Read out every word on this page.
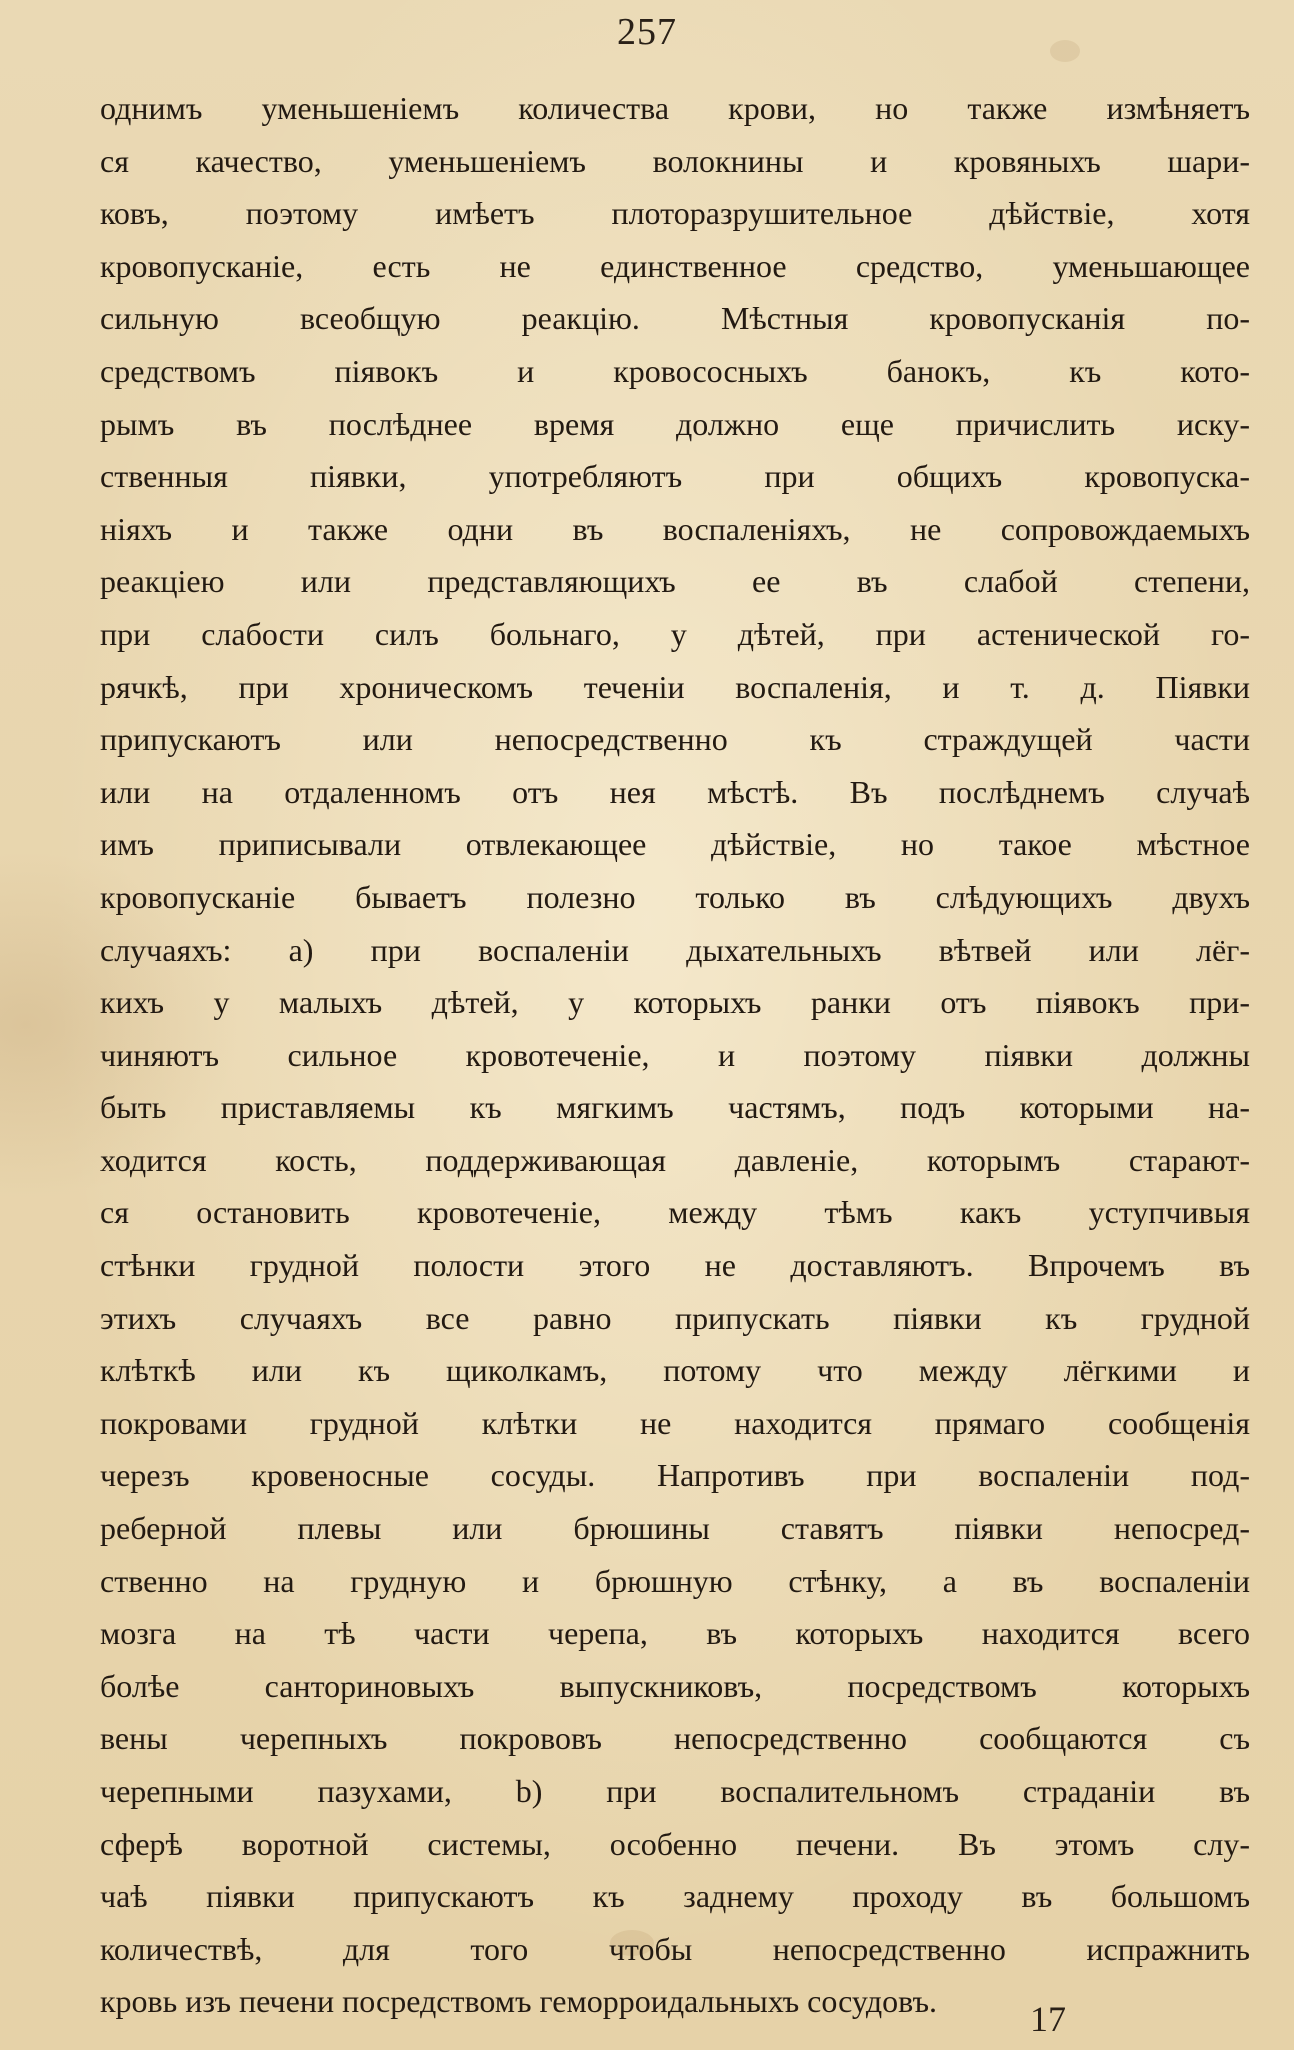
257
однимъ уменьшеніемъ количества крови, но также измѣняетъ
ся качество, уменьшеніемъ волокнины и кровяныхъ шари-
ковъ, поэтому имѣетъ плоторазрушительное дѣйствіе, хотя
кровопусканіе, есть не единственное средство, уменьшающее
сильную всеобщую реакцію. Мѣстныя кровопусканія по-
средствомъ піявокъ и кровососныхъ банокъ, къ кото-
рымъ въ послѣднее время должно еще причислить иску-
ственныя піявки, употребляютъ при общихъ кровопуска-
ніяхъ и также одни въ воспаленіяхъ, не сопровождаемыхъ
реакціею или представляющихъ ее въ слабой степени,
при слабости силъ больнаго, у дѣтей, при астенической го-
рячкѣ, при хроническомъ теченіи воспаленія, и т. д. Піявки
припускаютъ или непосредственно къ страждущей части
или на отдаленномъ отъ нея мѣстѣ. Въ послѣднемъ случаѣ
имъ приписывали отвлекающее дѣйствіе, но такое мѣстное
кровопусканіе бываетъ полезно только въ слѣдующихъ двухъ
случаяхъ: а) при воспаленіи дыхательныхъ вѣтвей или лёг-
кихъ у малыхъ дѣтей, у которыхъ ранки отъ піявокъ при-
чиняютъ сильное кровотеченіе, и поэтому піявки должны
быть приставляемы къ мягкимъ частямъ, подъ которыми на-
ходится кость, поддерживающая давленіе, которымъ старают-
ся остановить кровотеченіе, между тѣмъ какъ уступчивыя
стѣнки грудной полости этого не доставляютъ. Впрочемъ въ
этихъ случаяхъ все равно припускать піявки къ грудной
клѣткѣ или къ щиколкамъ, потому что между лёгкими и
покровами грудной клѣтки не находится прямаго сообщенія
черезъ кровеносные сосуды. Напротивъ при воспаленіи под-
реберной плевы или брюшины ставятъ піявки непосред-
ственно на грудную и брюшную стѣнку, а въ воспаленіи
мозга на тѣ части черепа, въ которыхъ находится всего
болѣе санториновыхъ выпускниковъ, посредствомъ которыхъ
вены черепныхъ покрововъ непосредственно сообщаются съ
черепными пазухами, b) при воспалительномъ страданіи въ
сферѣ воротной системы, особенно печени. Въ этомъ слу-
чаѣ піявки припускаютъ къ заднему проходу въ большомъ
количествѣ, для того чтобы непосредственно испражнить
кровь изъ печени посредствомъ геморроидальныхъ сосудовъ.	17
